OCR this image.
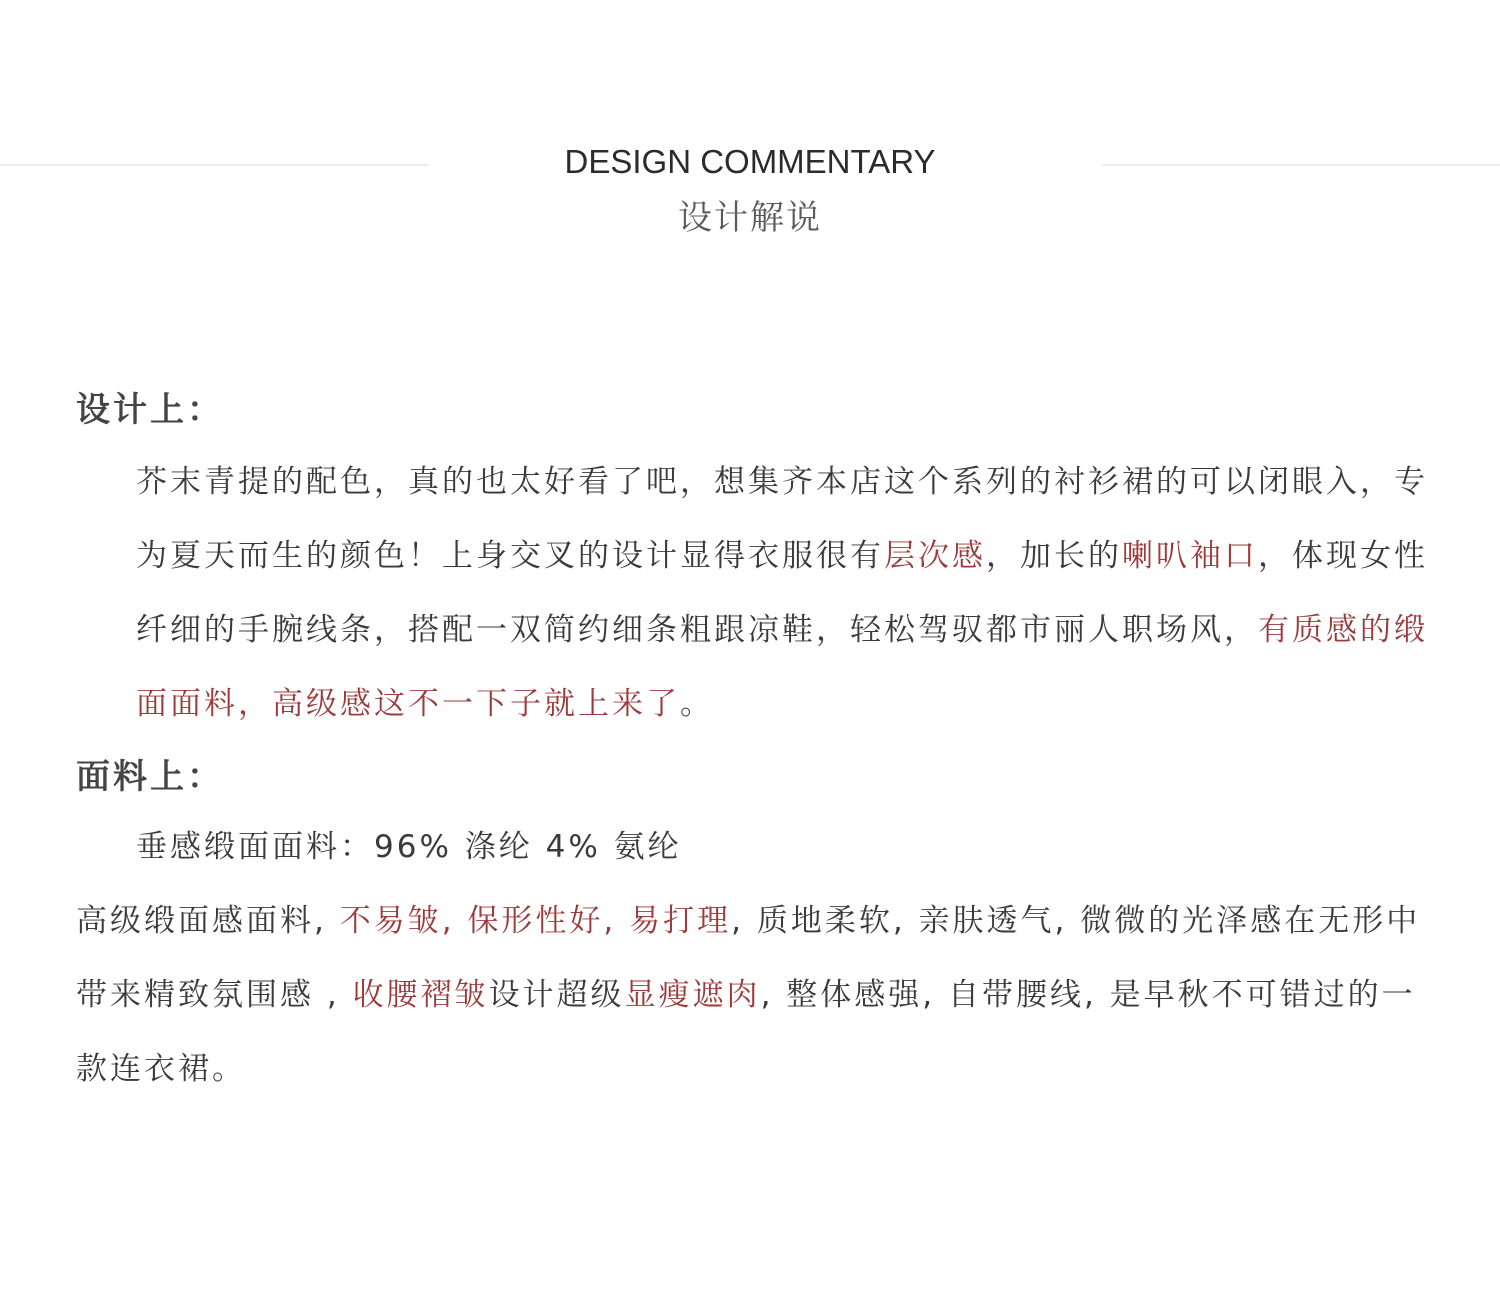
DESIGN COMMENTARY
设计解说
设计上：

芥末青提的配色，真的也太好看了吧，想集齐本店这个系列的衬衫裙的可以闭眼入，专为夏天而生的颜色！上身交叉的设计显得衣服很有层次感，加长的喇叭袖口，体现女性纤细的手腕线条，搭配一双简约细条粗跟凉鞋，轻松驾驭都市丽人职场风，有质感的缎面面料，高级感这不一下子就上来了。

面料上：

垂感缎面面料：96% 涤纶 4% 氨纶

高级缎面感面料, 不易皱, 保形性好, 易打理, 质地柔软, 亲肤透气, 微微的光泽感在无形中带来精致氛围感 , 收腰褶皱设计超级显瘦遮肉, 整体感强, 自带腰线, 是早秋不可错过的一款连衣裙。
